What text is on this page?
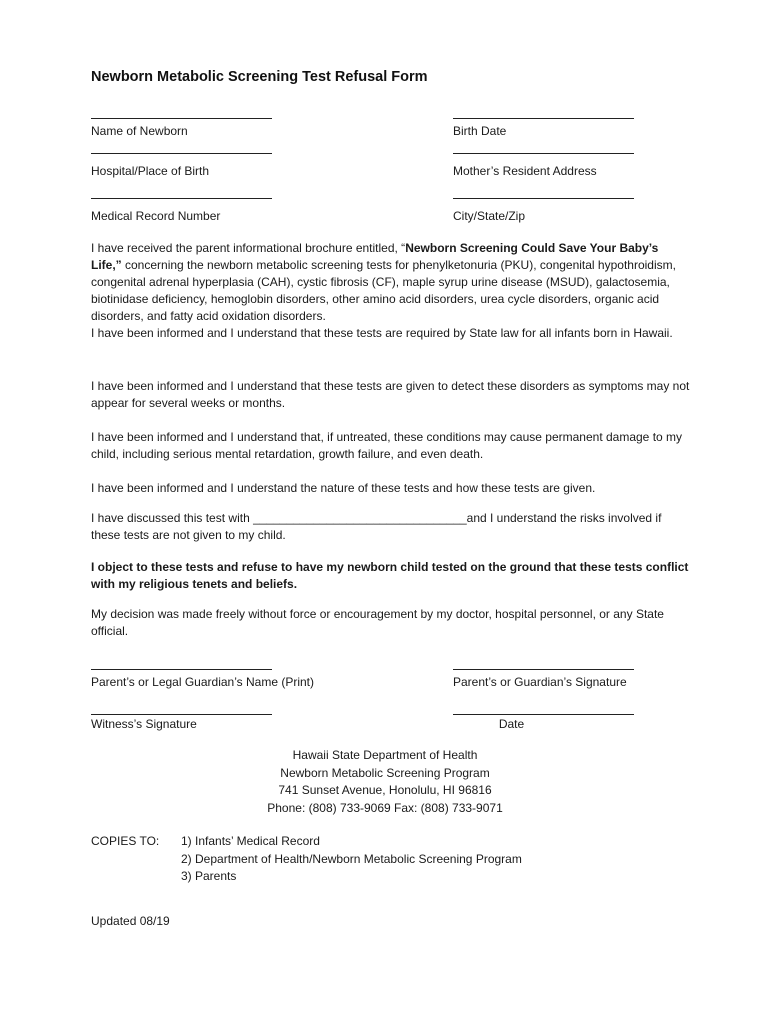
Newborn Metabolic Screening Test Refusal Form
Name of Newborn	Birth Date
Hospital/Place of Birth	Mother’s Resident Address
Medical Record Number	City/State/Zip
I have received the parent informational brochure entitled, “Newborn Screening Could Save Your Baby’s Life,” concerning the newborn metabolic screening tests for phenylketonuria (PKU), congenital hypothroidism, congenital adrenal hyperplasia (CAH), cystic fibrosis (CF), maple syrup urine disease (MSUD), galactosemia, biotinidase deficiency, hemoglobin disorders, other amino acid disorders, urea cycle disorders, organic acid disorders, and fatty acid oxidation disorders.
I have been informed and I understand that these tests are required by State law for all infants born in Hawaii.
I have been informed and I understand that these tests are given to detect these disorders as symptoms may not appear for several weeks or months.
I have been informed and I understand that, if untreated, these conditions may cause permanent damage to my child, including serious mental retardation, growth failure, and even death.
I have been informed and I understand the nature of these tests and how these tests are given.
I have discussed this test with ________________________________and I understand the risks involved if these tests are not given to my child.
I object to these tests and refuse to have my newborn child tested on the ground that these tests conflict with my religious tenets and beliefs.
My decision was made freely without force or encouragement by my doctor, hospital personnel, or any State official.
Parent’s or Legal Guardian’s Name (Print)	Parent’s or Guardian’s Signature
Witness’s Signature	Date
Hawaii State Department of Health
Newborn Metabolic Screening Program
741 Sunset Avenue, Honolulu, HI 96816
Phone: (808) 733-9069 Fax: (808) 733-9071
COPIES TO: 1) Infants’ Medical Record
2) Department of Health/Newborn Metabolic Screening Program
3) Parents
Updated 08/19
